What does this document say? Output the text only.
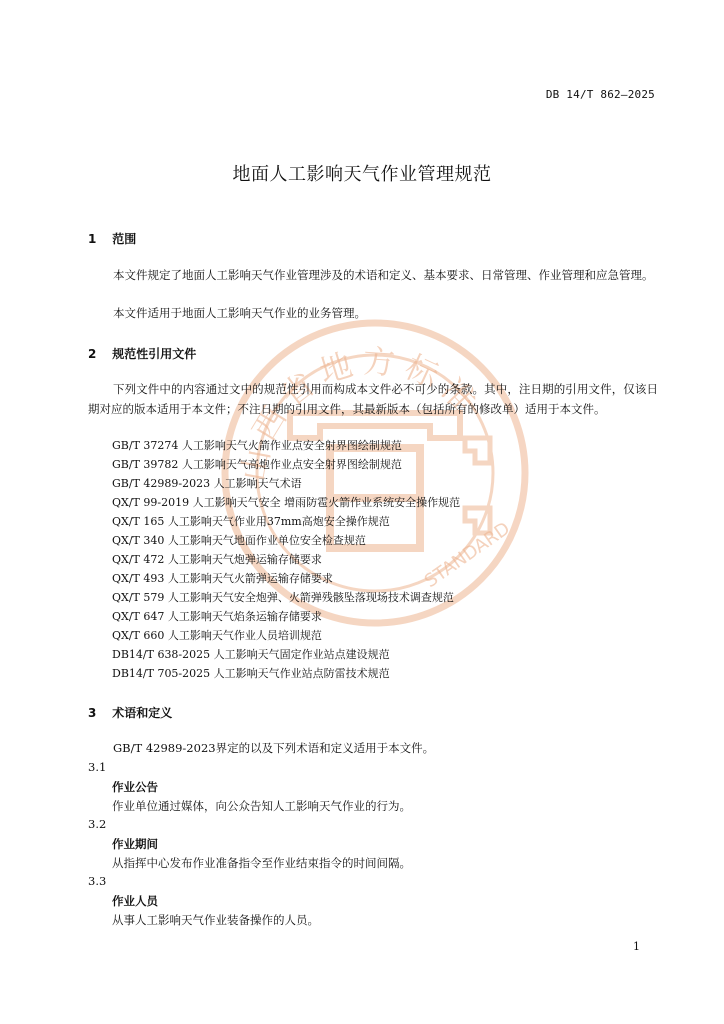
山西省地方标准
STANDARD
DB 14/T 862—2025
地面人工影响天气作业管理规范
1 范围
本文件规定了地面人工影响天气作业管理涉及的术语和定义、基本要求、日常管理、作业管理和应急管理。
本文件适用于地面人工影响天气作业的业务管理。
2 规范性引用文件
下列文件中的内容通过文中的规范性引用而构成本文件必不可少的条款。其中，注日期的引用文件，仅该日期对应的版本适用于本文件；不注日期的引用文件，其最新版本（包括所有的修改单）适用于本文件。
GB/T 37274 人工影响天气火箭作业点安全射界图绘制规范
GB/T 39782 人工影响天气高炮作业点安全射界图绘制规范
GB/T 42989-2023 人工影响天气术语
QX/T 99-2019 人工影响天气安全 增雨防雹火箭作业系统安全操作规范
QX/T 165 人工影响天气作业用37mm高炮安全操作规范
QX/T 340 人工影响天气地面作业单位安全检查规范
QX/T 472 人工影响天气炮弹运输存储要求
QX/T 493 人工影响天气火箭弹运输存储要求
QX/T 579 人工影响天气安全炮弹、火箭弹残骸坠落现场技术调查规范
QX/T 647 人工影响天气焰条运输存储要求
QX/T 660 人工影响天气作业人员培训规范
DB14/T 638-2025 人工影响天气固定作业站点建设规范
DB14/T 705-2025 人工影响天气作业站点防雷技术规范
3 术语和定义
GB/T 42989-2023界定的以及下列术语和定义适用于本文件。
3.1
作业公告
作业单位通过媒体，向公众告知人工影响天气作业的行为。
3.2
作业期间
从指挥中心发布作业准备指令至作业结束指令的时间间隔。
3.3
作业人员
从事人工影响天气作业装备操作的人员。
1
